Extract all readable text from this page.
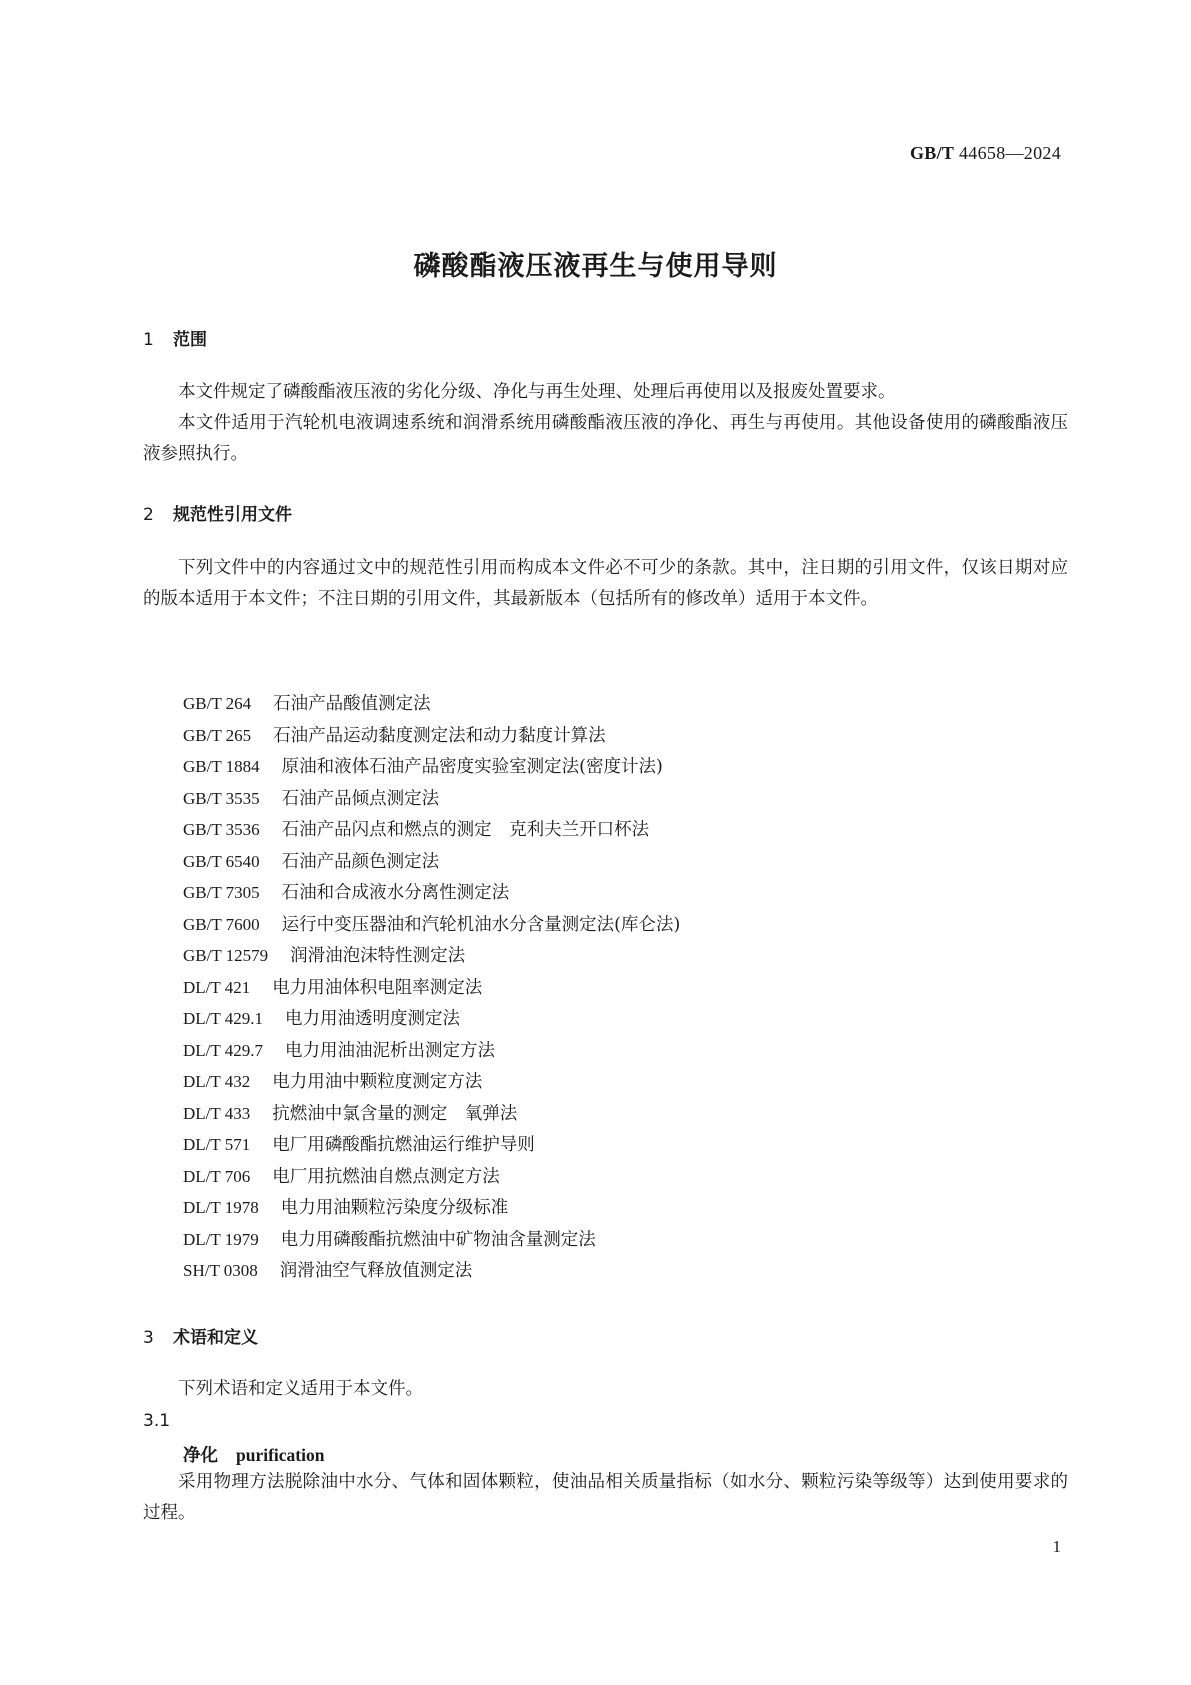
GB/T 44658—2024
磷酸酯液压液再生与使用导则
1 范围
本文件规定了磷酸酯液压液的劣化分级、净化与再生处理、处理后再使用以及报废处置要求。
本文件适用于汽轮机电液调速系统和润滑系统用磷酸酯液压液的净化、再生与再使用。其他设备使用的磷酸酯液压液参照执行。
2 规范性引用文件
下列文件中的内容通过文中的规范性引用而构成本文件必不可少的条款。其中，注日期的引用文件，仅该日期对应的版本适用于本文件；不注日期的引用文件，其最新版本（包括所有的修改单）适用于本文件。
GB/T 264 石油产品酸值测定法
GB/T 265 石油产品运动黏度测定法和动力黏度计算法
GB/T 1884 原油和液体石油产品密度实验室测定法(密度计法)
GB/T 3535 石油产品倾点测定法
GB/T 3536 石油产品闪点和燃点的测定　克利夫兰开口杯法
GB/T 6540 石油产品颜色测定法
GB/T 7305 石油和合成液水分离性测定法
GB/T 7600 运行中变压器油和汽轮机油水分含量测定法(库仑法)
GB/T 12579 润滑油泡沫特性测定法
DL/T 421 电力用油体积电阻率测定法
DL/T 429.1 电力用油透明度测定法
DL/T 429.7 电力用油油泥析出测定方法
DL/T 432 电力用油中颗粒度测定方法
DL/T 433 抗燃油中氯含量的测定　氧弹法
DL/T 571 电厂用磷酸酯抗燃油运行维护导则
DL/T 706 电厂用抗燃油自燃点测定方法
DL/T 1978 电力用油颗粒污染度分级标准
DL/T 1979 电力用磷酸酯抗燃油中矿物油含量测定法
SH/T 0308 润滑油空气释放值测定法
3 术语和定义
下列术语和定义适用于本文件。
3.1
净化 purification
采用物理方法脱除油中水分、气体和固体颗粒，使油品相关质量指标（如水分、颗粒污染等级等）达到使用要求的过程。
1
